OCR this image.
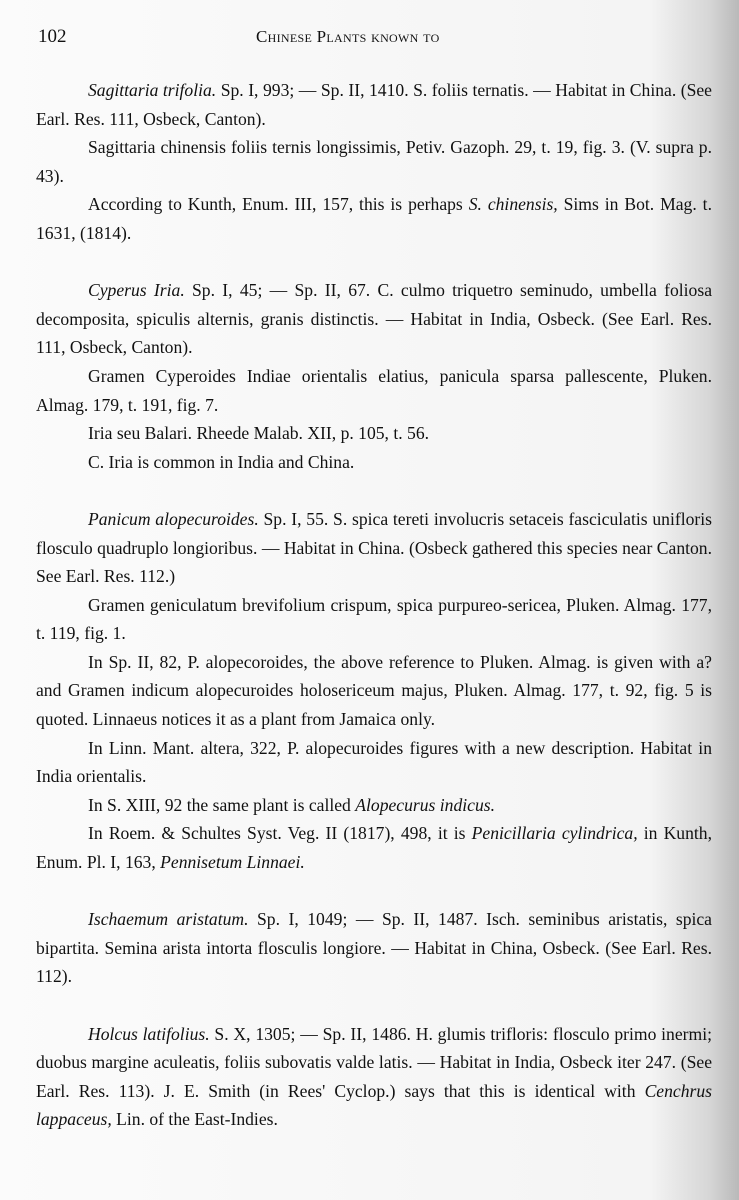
102	Chinese Plants known to

Sagittaria trifolia. Sp. I, 993; — Sp. II, 1410. S. foliis ternatis. — Habitat in China. (See Earl. Res. 111, Osbeck, Canton).

Sagittaria chinensis foliis ternis longissimis, Petiv. Gazoph. 29, t. 19, fig. 3. (V. supra p. 43).

According to Kunth, Enum. III, 157, this is perhaps S. chinensis, Sims in Bot. Mag. t. 1631, (1814).

Cyperus Iria. Sp. I, 45; — Sp. II, 67. C. culmo triquetro seminudo, umbella foliosa decomposita, spiculis alternis, granis distinctis. — Habitat in India, Osbeck. (See Earl. Res. 111, Osbeck, Canton).

Gramen Cyperoides Indiae orientalis elatius, panicula sparsa pallescente, Pluken. Almag. 179, t. 191, fig. 7.

Iria seu Balari. Rheede Malab. XII, p. 105, t. 56.

C. Iria is common in India and China.

Panicum alopecuroides. Sp. I, 55. S. spica tereti involucris setaceis fasciculatis unifloris flosculo quadruplo longioribus. — Habitat in China. (Osbeck gathered this species near Canton. See Earl. Res. 112.)

Gramen geniculatum brevifolium crispum, spica purpureo-sericea, Pluken. Almag. 177, t. 119, fig. 1.

In Sp. II, 82, P. alopecoroides, the above reference to Pluken. Almag. is given with a? and Gramen indicum alopecuroides holosericeum majus, Pluken. Almag. 177, t. 92, fig. 5 is quoted. Linnaeus notices it as a plant from Jamaica only.

In Linn. Mant. altera, 322, P. alopecuroides figures with a new description. Habitat in India orientalis.

In S. XIII, 92 the same plant is called Alopecurus indicus.

In Roem. & Schultes Syst. Veg. II (1817), 498, it is Penicillaria cylindrica, in Kunth, Enum. Pl. I, 163, Pennisetum Linnaei.

Ischaemum aristatum. Sp. I, 1049; — Sp. II, 1487. Isch. seminibus aristatis, spica bipartita. Semina arista intorta flosculis longiore. — Habitat in China, Osbeck. (See Earl. Res. 112).

Holcus latifolius. S. X, 1305; — Sp. II, 1486. H. glumis trifloris: flosculo primo inermi; duobus margine aculeatis, foliis subovatis valde latis. — Habitat in India, Osbeck iter 247. (See Earl. Res. 113). J. E. Smith (in Rees' Cyclop.) says that this is identical with Cenchrus lappaceus, Lin. of the East-Indies.
